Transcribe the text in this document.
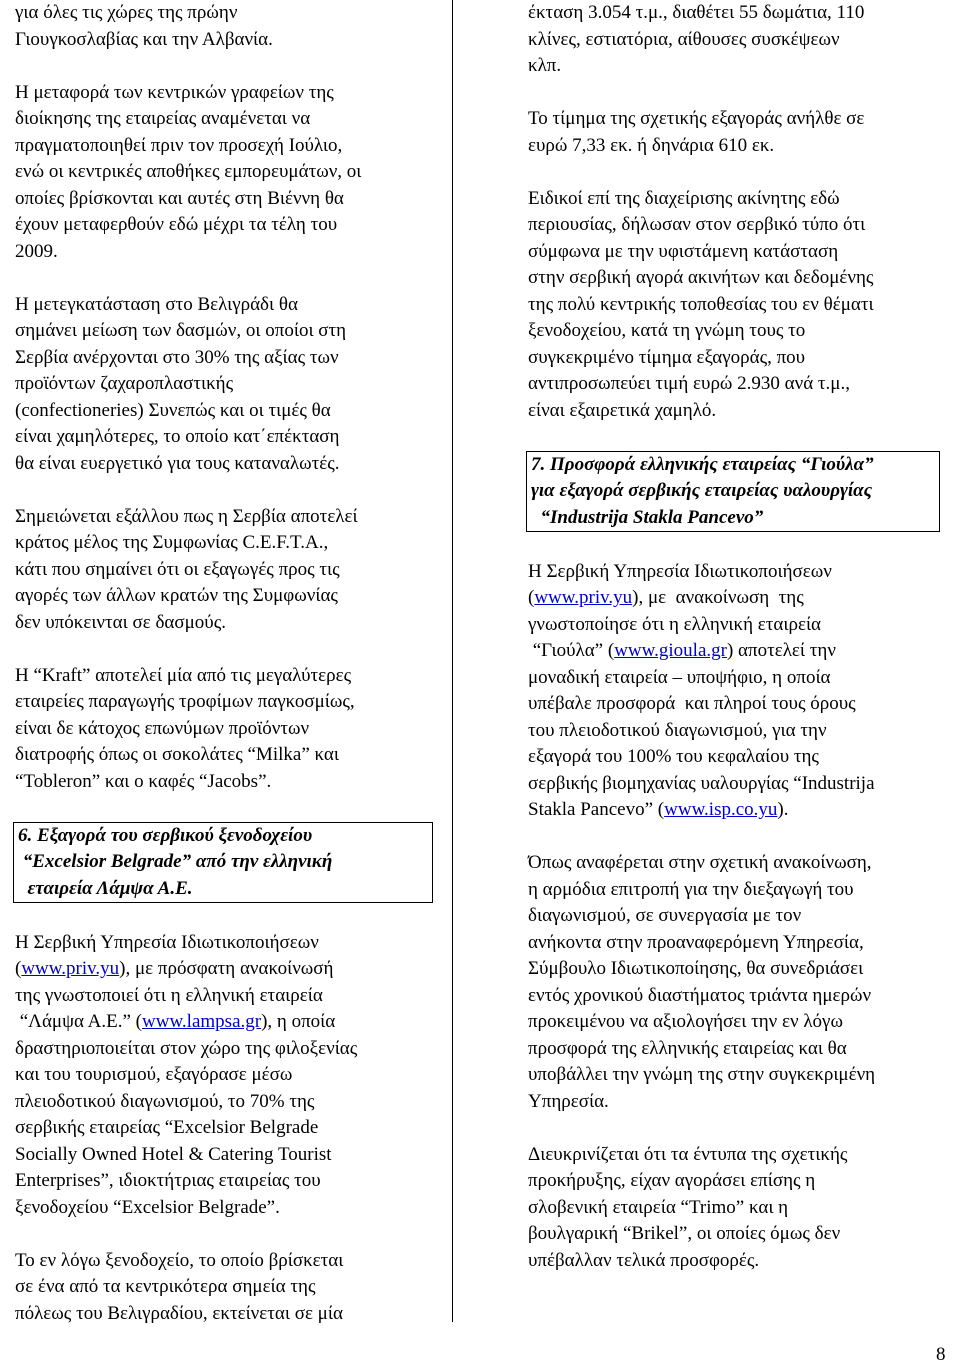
για όλες τις χώρες της πρώην
Γιουγκοσλαβίας και την Αλβανία.
Η μεταφορά των κεντρικών γραφείων της
διοίκησης της εταιρείας αναμένεται να
πραγματοποιηθεί πριν τον προσεχή Ιούλιο,
ενώ οι κεντρικές αποθήκες εμπορευμάτων, οι
οποίες βρίσκονται και αυτές στη Βιέννη θα
έχουν μεταφερθούν εδώ μέχρι τα τέλη του
2009.
Η μετεγκατάσταση στο Βελιγράδι θα
σημάνει μείωση των δασμών, οι οποίοι στη
Σερβία ανέρχονται στο 30% της αξίας των
προϊόντων ζαχαροπλαστικής
(confectioneries) Συνεπώς και οι τιμές θα
είναι χαμηλότερες, το οποίο κατ΄επέκταση
θα είναι ευεργετικό για τους καταναλωτές.
Σημειώνεται εξάλλου πως η Σερβία αποτελεί
κράτος μέλος της Συμφωνίας C.E.F.T.A.,
κάτι που σημαίνει ότι οι εξαγωγές προς τις
αγορές των άλλων κρατών της Συμφωνίας
δεν υπόκεινται σε δασμούς.
Η “Kraft” αποτελεί μία από τις μεγαλύτερες
εταιρείες παραγωγής τροφίμων παγκοσμίως,
είναι δε κάτοχος επωνύμων προϊόντων
διατροφής όπως οι σοκολάτες “Milka” και
“Tobleron” και ο καφές “Jacobs”.
6. Εξαγορά του σερβικού ξενοδοχείου
“Excelsior Belgrade” από την ελληνική
εταιρεία Λάμψα Α.Ε.
Η Σερβική Υπηρεσία Ιδιωτικοποιήσεων
(www.priv.yu), με πρόσφατη ανακοίνωσή
της γνωστοποιεί ότι η ελληνική εταιρεία
“Λάμψα Α.Ε.” (www.lampsa.gr), η οποία
δραστηριοποιείται στον χώρο της φιλοξενίας
και του τουρισμού, εξαγόρασε μέσω
πλειοδοτικού διαγωνισμού, το 70% της
σερβικής εταιρείας “Excelsior Belgrade
Socially Owned Hotel & Catering Tourist
Enterprises”, ιδιοκτήτριας εταιρείας του
ξενοδοχείου “Excelsior Belgrade”.
Το εν λόγω ξενοδοχείο, το οποίο βρίσκεται
σε ένα από τα κεντρικότερα σημεία της
πόλεως του Βελιγραδίου, εκτείνεται σε μία
έκταση 3.054 τ.μ., διαθέτει 55 δωμάτια, 110
κλίνες, εστιατόρια, αίθουσες συσκέψεων
κλπ.
Το τίμημα της σχετικής εξαγοράς ανήλθε σε
ευρώ 7,33 εκ. ή δηνάρια 610 εκ.
Ειδικοί επί της διαχείρισης ακίνητης εδώ
περιουσίας, δήλωσαν στον σερβικό τύπο ότι
σύμφωνα με την υφιστάμενη κατάσταση
στην σερβική αγορά ακινήτων και δεδομένης
της πολύ κεντρικής τοποθεσίας του εν θέματι
ξενοδοχείου, κατά τη γνώμη τους το
συγκεκριμένο τίμημα εξαγοράς, που
αντιπροσωπεύει τιμή ευρώ 2.930 ανά τ.μ.,
είναι εξαιρετικά χαμηλό.
7. Προσφορά ελληνικής εταιρείας “Γιούλα”
για εξαγορά σερβικής εταιρείας υαλουργίας
“Industrija Stakla Pancevo”
Η Σερβική Υπηρεσία Ιδιωτικοποιήσεων
(www.priv.yu), με  ανακοίνωση  της
γνωστοποίησε ότι η ελληνική εταιρεία
“Γιούλα” (www.gioula.gr) αποτελεί την
μοναδική εταιρεία – υποψήφιο, η οποία
υπέβαλε προσφορά  και πληροί τους όρους
του πλειοδοτικού διαγωνισμού, για την
εξαγορά του 100% του κεφαλαίου της
σερβικής βιομηχανίας υαλουργίας “Industrija
Stakla Pancevo” (www.isp.co.yu).
Όπως αναφέρεται στην σχετική ανακοίνωση,
η αρμόδια επιτροπή για την διεξαγωγή του
διαγωνισμού, σε συνεργασία με τον
ανήκοντα στην προαναφερόμενη Υπηρεσία,
Σύμβουλο Ιδιωτικοποίησης, θα συνεδριάσει
εντός χρονικού διαστήματος τριάντα ημερών
προκειμένου να αξιολογήσει την εν λόγω
προσφορά της ελληνικής εταιρείας και θα
υποβάλλει την γνώμη της στην συγκεκριμένη
Υπηρεσία.
Διευκρινίζεται ότι τα έντυπα της σχετικής
προκήρυξης, είχαν αγοράσει επίσης η
σλοβενική εταιρεία “Trimo” και η
βουλγαρική “Brikel”, οι οποίες όμως δεν
υπέβαλλαν τελικά προσφορές.
8
